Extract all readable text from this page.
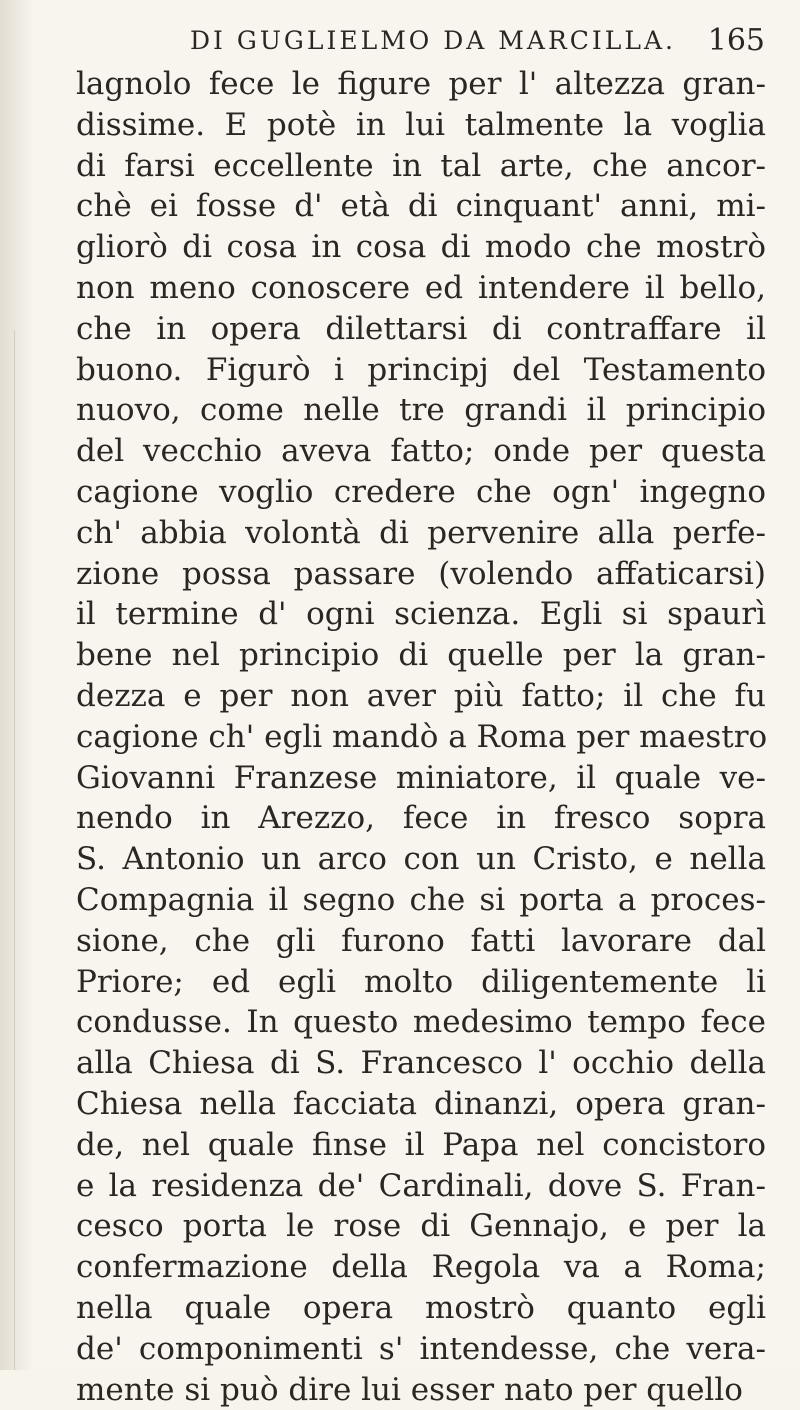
DI GUGLIELMO DA MARCILLA. 165
lagnolo fece le figure per l' altezza gran-
dissime. E potè in lui talmente la voglia
di farsi eccellente in tal arte, che ancor-
chè ei fosse d' età di cinquant' anni, mi-
gliorò di cosa in cosa di modo che mostrò
non meno conoscere ed intendere il bello,
che in opera dilettarsi di contraffare il
buono. Figurò i principj del Testamento
nuovo, come nelle tre grandi il principio
del vecchio aveva fatto; onde per questa
cagione voglio credere che ogn' ingegno
ch' abbia volontà di pervenire alla perfe-
zione possa passare (volendo affaticarsi)
il termine d' ogni scienza. Egli si spaurì
bene nel principio di quelle per la gran-
dezza e per non aver più fatto; il che fu
cagione ch' egli mandò a Roma per maestro
Giovanni Franzese miniatore, il quale ve-
nendo in Arezzo, fece in fresco sopra
S. Antonio un arco con un Cristo, e nella
Compagnia il segno che si porta a proces-
sione, che gli furono fatti lavorare dal
Priore; ed egli molto diligentemente li
condusse. In questo medesimo tempo fece
alla Chiesa di S. Francesco l' occhio della
Chiesa nella facciata dinanzi, opera gran-
de, nel quale finse il Papa nel concistoro
e la residenza de' Cardinali, dove S. Fran-
cesco porta le rose di Gennajo, e per la
confermazione della Regola va a Roma;
nella quale opera mostrò quanto egli
de' componimenti s' intendesse, che vera-
mente si può dire lui esser nato per quello
